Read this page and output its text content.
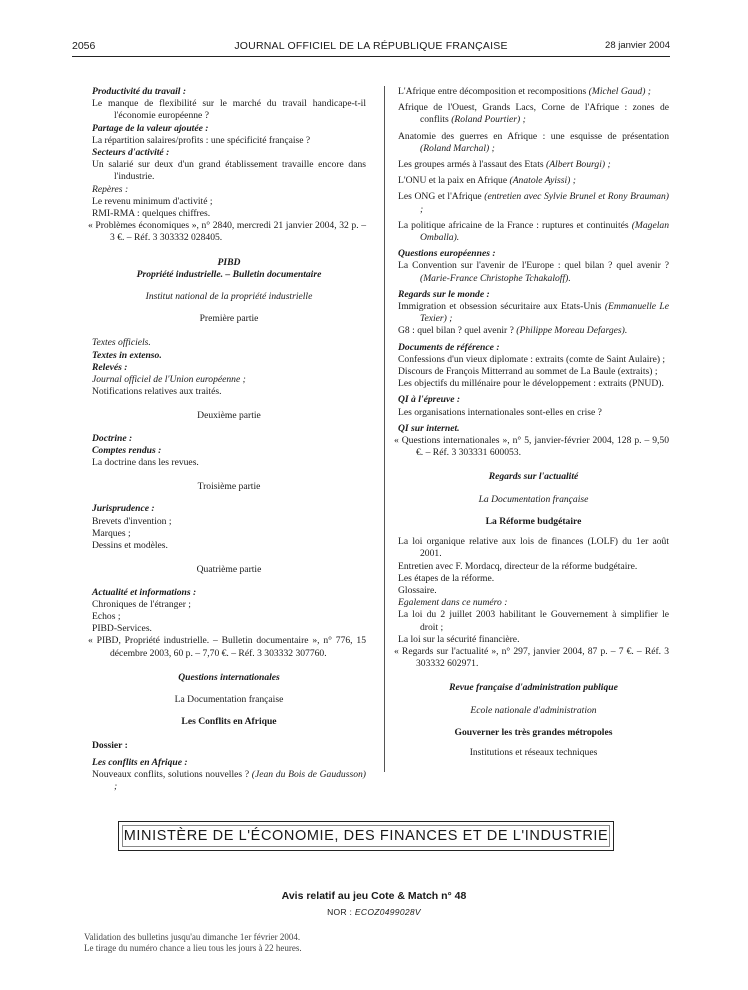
2056	JOURNAL OFFICIEL DE LA RÉPUBLIQUE FRANÇAISE	28 janvier 2004

Productivité du travail :

Le manque de flexibilité sur le marché du travail handicape-t-il l'économie européenne ?

Partage de la valeur ajoutée :

La répartition salaires/profits : une spécificité française ?

Secteurs d'activité :

Un salarié sur deux d'un grand établissement travaille encore dans l'industrie.

Repères :

Le revenu minimum d'activité ;

RMI-RMA : quelques chiffres.

« Problèmes économiques », n° 2840, mercredi 21 janvier 2004, 32 p. – 3 €. – Réf. 3 303332 028405.

PIBD

Propriété industrielle. – Bulletin documentaire

Institut national de la propriété industrielle

Première partie

Textes officiels.

Textes in extenso.

Relevés :

Journal officiel de l'Union européenne ;

Notifications relatives aux traités.

Deuxième partie

Doctrine :

Comptes rendus :

La doctrine dans les revues.

Troisième partie

Jurisprudence :

Brevets d'invention ;

Marques ;

Dessins et modèles.

Quatrième partie

Actualité et informations :

Chroniques de l'étranger ;

Echos ;

PIBD-Services.

« PIBD, Propriété industrielle. – Bulletin documentaire », n° 776, 15 décembre 2003, 60 p. – 7,70 €. – Réf. 3 303332 307760.

Questions internationales

La Documentation française

Les Conflits en Afrique

Dossier :

Les conflits en Afrique :

Nouveaux conflits, solutions nouvelles ? (Jean du Bois de Gaudusson) ;

L'Afrique entre décomposition et recompositions (Michel Gaud) ;

Afrique de l'Ouest, Grands Lacs, Corne de l'Afrique : zones de conflits (Roland Pourtier) ;

Anatomie des guerres en Afrique : une esquisse de présentation (Roland Marchal) ;

Les groupes armés à l'assaut des Etats (Albert Bourgi) ;

L'ONU et la paix en Afrique (Anatole Ayissi) ;

Les ONG et l'Afrique (entretien avec Sylvie Brunel et Rony Brauman) ;

La politique africaine de la France : ruptures et continuités (Magelan Omballa).

Questions européennes :

La Convention sur l'avenir de l'Europe : quel bilan ? quel avenir ? (Marie-France Christophe Tchakaloff).

Regards sur le monde :

Immigration et obsession sécuritaire aux Etats-Unis (Emmanuelle Le Texier) ;

G8 : quel bilan ? quel avenir ? (Philippe Moreau Defarges).

Documents de référence :

Confessions d'un vieux diplomate : extraits (comte de Saint Aulaire) ;

Discours de François Mitterrand au sommet de La Baule (extraits) ;

Les objectifs du millénaire pour le développement : extraits (PNUD).

QI à l'épreuve :

Les organisations internationales sont-elles en crise ?

QI sur internet.

« Questions internationales », n° 5, janvier-février 2004, 128 p. – 9,50 €. – Réf. 3 303331 600053.

Regards sur l'actualité

La Documentation française

La Réforme budgétaire

La loi organique relative aux lois de finances (LOLF) du 1er août 2001.

Entretien avec F. Mordacq, directeur de la réforme budgétaire.

Les étapes de la réforme.

Glossaire.

Egalement dans ce numéro :

La loi du 2 juillet 2003 habilitant le Gouvernement à simplifier le droit ;

La loi sur la sécurité financière.

« Regards sur l'actualité », n° 297, janvier 2004, 87 p. – 7 €. – Réf. 3 303332 602971.

Revue française d'administration publique

Ecole nationale d'administration

Gouverner les très grandes métropoles

Institutions et réseaux techniques

MINISTÈRE DE L'ÉCONOMIE, DES FINANCES ET DE L'INDUSTRIE
Avis relatif au jeu Cote & Match n° 48
NOR : ECOZ0499028V

Validation des bulletins jusqu'au dimanche 1er février 2004.

Le tirage du numéro chance a lieu tous les jours à 22 heures.
